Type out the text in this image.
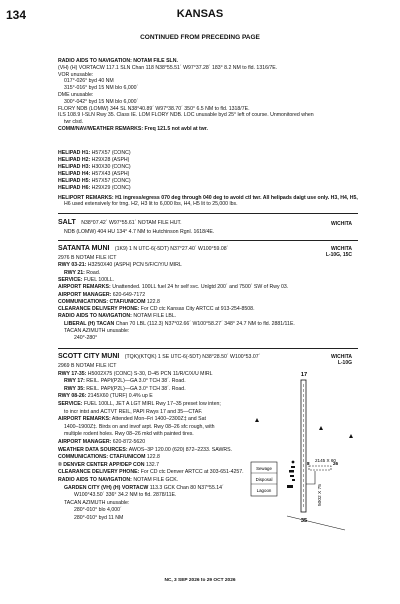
134	KANSAS
CONTINUED FROM PRECEDING PAGE
RADIO AIDS TO NAVIGATION: NOTAM FILE SLN.
(VH) (H) VORTACW 117.1 SLN Chan 118 N38°55.51´ W97°37.28´ 183° 8.2 NM to fld. 1316/7E.
VOR unusable:
017°-026° byd 40 NM
315°-016° byd 15 NM blo 6,000´
DME unusable:
300°-042° byd 15 NM blo 6,000´
FLORY NDB (LOMW) 344 SL N38°40.89´ W97°38.70´ 350° 6.5 NM to fld. 1318/7E.
ILS 108.9 I-SLN Rwy 35. Class IE. LOM FLORY NDB. LOC unusable byd 25° left of course. Unmonitored when
twr clsd.
COMM/NAV/WEATHER REMARKS: Freq 121.5 not avbl at twr.
HELIPAD H1: H57X57 (CONC)
HELIPAD H2: H29X28 (ASPH)
HELIPAD H3: H30X30 (CONC)
HELIPAD H4: H57X43 (ASPH)
HELIPAD H5: H57X57 (CONC)
HELIPAD H6: H29X29 (CONC)
HELIPORT REMARKS: H1 ingress/egress 070 deg through 040 deg to avoid ctl twr. All helipads daigt use only. H3, H4, H5,
H6 used extensively for trng. H2, H3 lit to 6,000 lbs, H4, H5 lit to 25,000 lbs.
SALT N38°07.42´ W97°55.61´ NOTAM FILE HUT.	WICHITA
NDB (LOMW) 404 HU 134° 4.7 NM to Hutchinson Rgnl. 1618/4E.
SATANTA MUNI (1K9) 1 N UTC-6(-5DT) N37°27.40´ W100°59.08´	WICHITA
L-10G, 15C
2976 B NOTAM FILE ICT
RWY 03-21: H3250X40 (ASPH) PCN 5/F/C/Y/U MIRL
RWY 21: Road.
SERVICE: FUEL 100LL.
AIRPORT REMARKS: Unattended. 100LL fuel 24 hr self svc. Unlgtd 200´ and 7500´ SW of Rwy 03.
AIRPORT MANAGER: 620-649-7172
COMMUNICATIONS: CTAF/UNICOM 122.8
CLEARANCE DELIVERY PHONE: For CD ctc Kansas City ARTCC at 913-254-8508.
RADIO AIDS TO NAVIGATION: NOTAM FILE LBL.
LIBERAL (H) TACAN Chan 70 LBL (112.3) N37°02.66´ W100°58.27´ 348° 24.7 NM to fld. 2881/11E.
TACAN AZIMUTH unusable:
240°-280°
SCOTT CITY MUNI (TQK)(KTQK) 1 SE UTC-6(-5DT) N38°28.50´ W100°53.07´	WICHITA
L-10G
2969 B NOTAM FILE ICT
RWY 17-35: H5002X75 (CONC) S-30, D-45 PCN 11/R/C/X/U MIRL
RWY 17: REIL. PAPI(P2L)—GA 3.0° TCH 38´. Road.
RWY 35: REIL. PAPI(P2L)—GA 3.0° TCH 38´. Road.
RWY 08-26: 2145X60 (TURF) 0.4% up E
SERVICE: FUEL 100LL, JET A LGT MIRL Rwy 17–35 preset low inten;
to incr intst and ACTVT REIL, PAPI Rwys 17 and 35—CTAF.
AIRPORT REMARKS: Attended Mon–Fri 1400–2300Z‡ and Sat
1400–1900Z‡. Birds on and invof arpt. Rwy 08–26 sfc rough, with
multiple rodent holes. Rwy 08–26 mkd with painted tires.
AIRPORT MANAGER: 620-872-5620
WEATHER DATA SOURCES: AWOS–3P 120.00 (620) 872–2233. SAWRS.
COMMUNICATIONS: CTAF/UNICOM 122.8
® DENVER CENTER APP/DEP CON 132.7
CLEARANCE DELIVERY PHONE: For CD ctc Denver ARTCC at 303-651-4257.
RADIO AIDS TO NAVIGATION: NOTAM FILE GCK.
GARDEN CITY (VH) (H) VORTACW 113.3 GCK Chan 80 N37°55.14´
W100°43.50´ 336° 34.2 NM to fld. 2878/11E.
TACAN AZIMUTH unusable:
280°-010° blo 4,000´
280°-010° byd 11 NM
Sewage
Disposal
Lagoon
17
35
8	26
2145 X 60
5002 X 75
NC, 3 SEP 2026 to 29 OCT 2026
